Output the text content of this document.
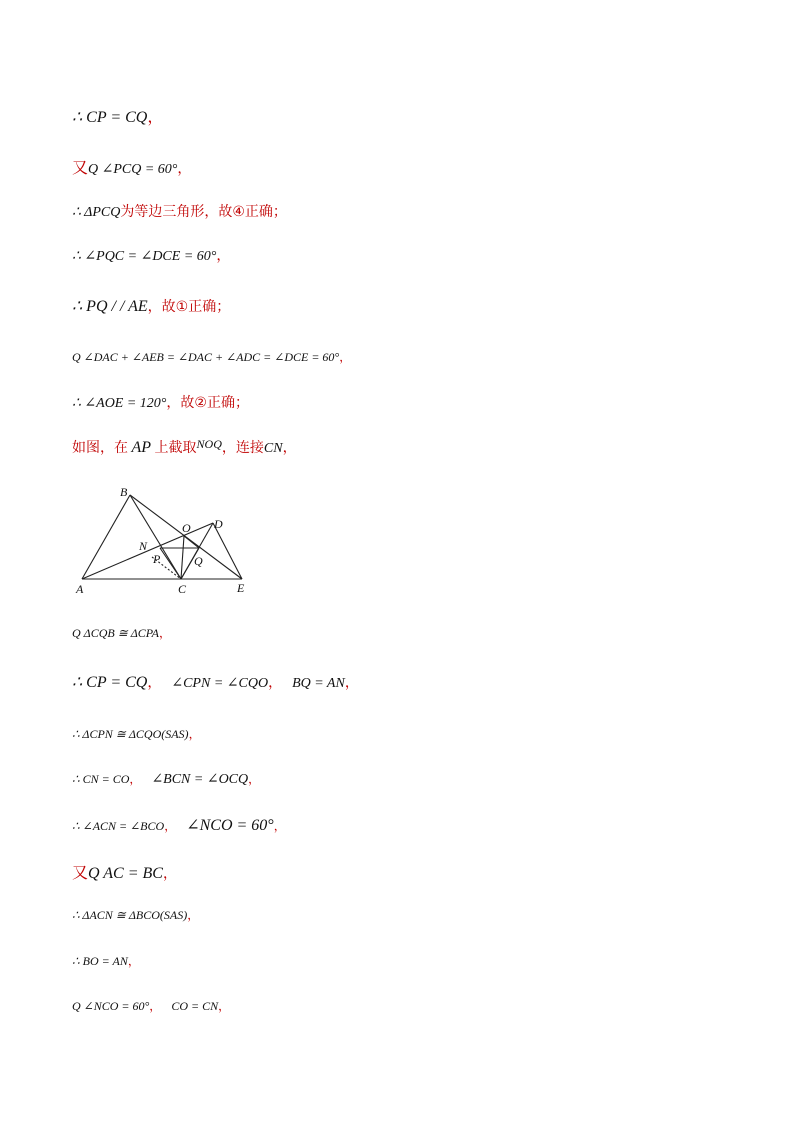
∴ CP = CQ，
又Q ∠PCQ = 60°，
∴ ΔPCQ为等边三角形，故④正确；
∴ ∠PQC = ∠DCE = 60°，
∴ PQ / / AE，故①正确；
Q ∠DAC + ∠AEB = ∠DAC + ∠ADC = ∠DCE = 60°，
∴ ∠AOE = 120°，故②正确；
如图，在 AP 上截取NOQ，连接CN，
B
D
O
N
P	Q
A	C	E
Q ΔCQB ≅ ΔCPA，
∴ CP = CQ， ∠CPN = ∠CQO， BQ = AN，
∴ ΔCPN ≅ ΔCQO(SAS)，
∴ CN = CO， ∠BCN = ∠OCQ，
∴ ∠ACN = ∠BCO， ∠NCO = 60°，
又Q AC = BC，
∴ ΔACN ≅ ΔBCO(SAS)，
∴ BO = AN，
Q ∠NCO = 60°， CO = CN，
